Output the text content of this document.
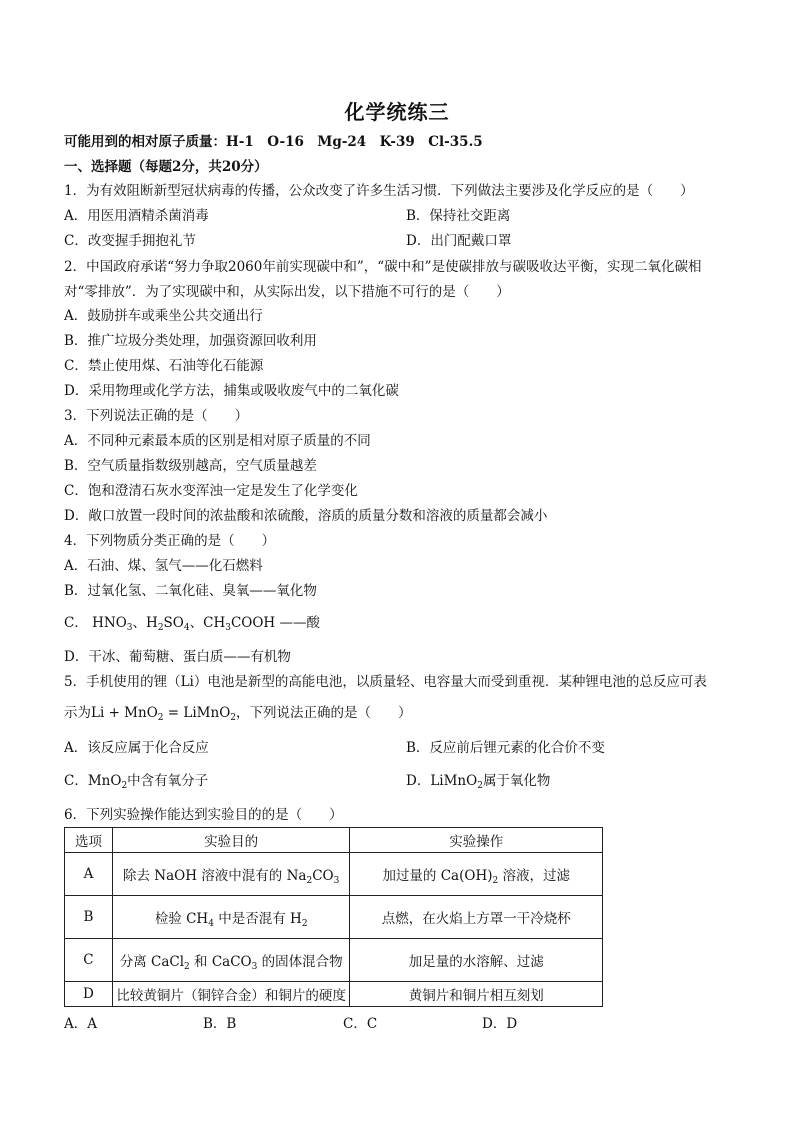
化学统练三
可能用到的相对原子质量：H-1　O-16　Mg-24　K-39　Cl-35.5
一、选择题（每题2分，共20分）
1．为有效阻断新型冠状病毒的传播，公众改变了许多生活习惯．下列做法主要涉及化学反应的是（　　）
A．用医用酒精杀菌消毒	B．保持社交距离
C．改变握手拥抱礼节	D．出门配戴口罩
2．中国政府承诺“努力争取2060年前实现碳中和”，“碳中和”是使碳排放与碳吸收达平衡，实现二氧化碳相
对“零排放”．为了实现碳中和，从实际出发，以下措施不可行的是（　　）
A．鼓励拼车或乘坐公共交通出行
B．推广垃圾分类处理，加强资源回收利用
C．禁止使用煤、石油等化石能源
D．采用物理或化学方法，捕集或吸收废气中的二氧化碳
3．下列说法正确的是（　　）
A．不同种元素最本质的区别是相对原子质量的不同
B．空气质量指数级别越高，空气质量越差
C．饱和澄清石灰水变浑浊一定是发生了化学变化
D．敞口放置一段时间的浓盐酸和浓硫酸，溶质的质量分数和溶液的质量都会减小
4．下列物质分类正确的是（　　）
A．石油、煤、氢气——化石燃料
B．过氧化氢、二氧化硅、臭氧——氧化物
C． $HNO_3$、$H_2SO_4$、$CH_3COOH$ ——酸
D．干冰、葡萄糖、蛋白质——有机物
5．手机使用的锂（Li）电池是新型的高能电池，以质量轻、电容量大而受到重视．某种锂电池的总反应可表
示为Li + MnO$_2$ = LiMnO$_2$，下列说法正确的是（　　）
A．该反应属于化合反应	B．反应前后锂元素的化合价不变
C．MnO$_2$中含有氧分子	D．LiMnO$_2$属于氧化物
6．下列实验操作能达到实验目的的是（　　）
选项	实验目的	实验操作
A	除去 NaOH 溶液中混有的 $Na_2CO_3$	加过量的 $Ca(OH)_2$ 溶液，过滤
B	检验 $CH_4$ 中是否混有 $H_2$	点燃，在火焰上方罩一干冷烧杯
C	分离 CaCl$_2$ 和 CaCO$_3$ 的固体混合物	加足量的水溶解、过滤
D	比较黄铜片（铜锌合金）和铜片的硬度	黄铜片和铜片相互刻划
A．A	B．B	C．C	D．D
